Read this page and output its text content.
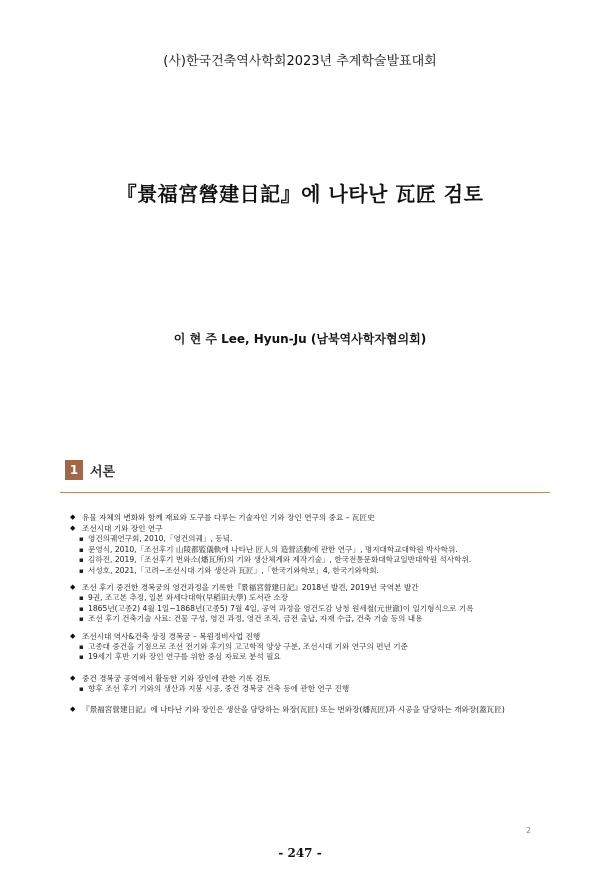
(사)한국건축역사학회2023년 추계학술발표대회
『景福宮營建日記』에 나타난 瓦匠 검토
이 현 주 Lee, Hyun-Ju (남북역사학자협의회)
1 서론
◆ 유물 자체의 변화와 함께 재료와 도구를 다루는 기술자인 기와 장인 연구의 중요 – 瓦匠史
◆ 조선시대 기와 장인 연구
▪ 영건의궤연구회, 2010,「영건의궤」, 동녘.
▪ 문영식, 2010,「조선후기 山陵都監儀軌에 나타난 匠人의 造營活動에 관한 연구」, 명지대학교대학원 박사학위.
▪ 김하진, 2019,「조선후기 번와소(燔瓦所)의 기와 생산체계와 제작기술」, 한국전통문화대학교일반대학원 석사학위.
▪ 서성호, 2021,「고려~조선시대 기와 생산과 瓦匠」,「한국기와학보」4, 한국기와학회.
◆ 조선 후기 중건한 경복궁의 영건과정을 기록한『景福宮營建日記』2018년 발견, 2019년 국역본 발간
▪ 9권, 조고본 추정, 일본 와세다대학(早稻田大學) 도서관 소장
▪ 1865년(고종2) 4월 1일~1868년(고종5) 7월 4일, 공역 과정을 영건도감 낭청 원세철(元世澈)이 일기형식으로 기록
▪ 조선 후기 건축기술 사료: 건물 구성, 영건 과정, 영건 조직, 금전 출납, 자재 수급, 건축 기술 등의 내용
◆ 조선시대 역사&건축 상징 경복궁 – 복원정비사업 진행
▪ 고종대 중건을 기점으로 조선 전기와 후기의 고고학적 양상 구분, 조선시대 기와 연구의 편년 기준
▪ 19세기 후반 기와 장인 연구를 위한 중심 자료로 분석 필요
◆ 중건 경복궁 공역에서 활동한 기와 장인에 관한 기록 검토
▪ 향후 조선 후기 기와의 생산과 지붕 시공, 중건 경복궁 건축 등에 관한 연구 진행
◆ 『景福宮營建日記』에 나타난 기와 장인은 생산을 담당하는 와장(瓦匠) 또는 번와장(燔瓦匠)과 시공을 담당하는 개와장(蓋瓦匠)
2
- 247 -
